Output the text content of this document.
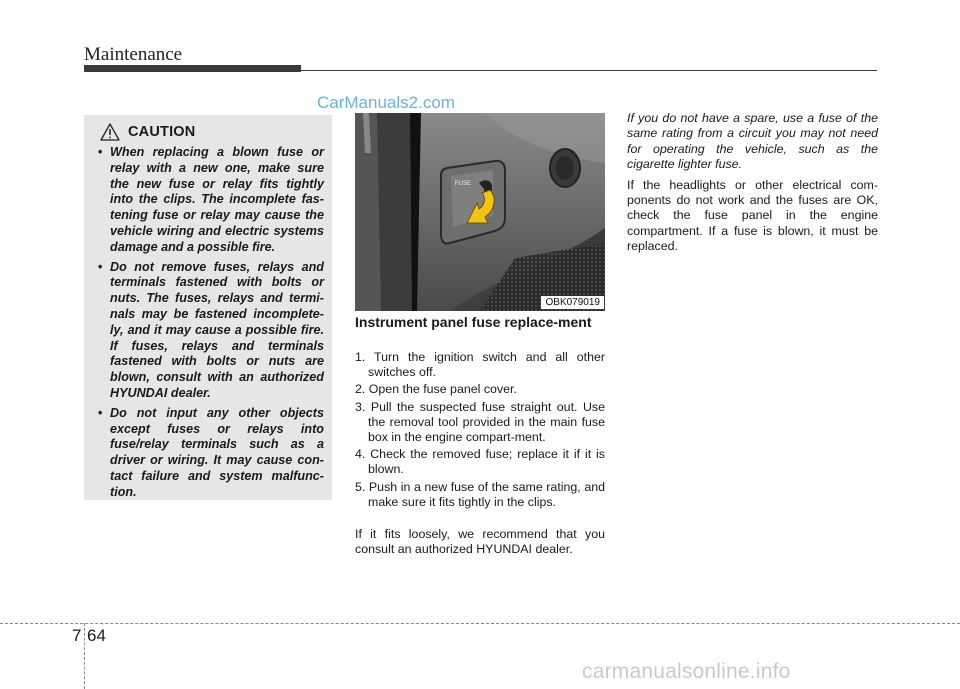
Maintenance
CarManuals2.com
CAUTION
• When replacing a blown fuse or relay with a new one, make sure the new fuse or relay fits tightly into the clips. The incomplete fas-tening fuse or relay may cause the vehicle wiring and electric systems damage and a possible fire.
• Do not remove fuses, relays and terminals fastened with bolts or nuts. The fuses, relays and termi-nals may be fastened incomplete-ly, and it may cause a possible fire. If fuses, relays and terminals fastened with bolts or nuts are blown, consult with an authorized HYUNDAI dealer.
• Do not input any other objects except fuses or relays into fuse/relay terminals such as a driver or wiring. It may cause con-tact failure and system malfunc-tion.
FUSE
OBK079019
Instrument panel fuse replace-ment
1. Turn the ignition switch and all other switches off.
2. Open the fuse panel cover.
3. Pull the suspected fuse straight out. Use the removal tool provided in the main fuse box in the engine compart-ment.
4. Check the removed fuse; replace it if it is blown.
5. Push in a new fuse of the same rating, and make sure it fits tightly in the clips.
If it fits loosely, we recommend that you consult an authorized HYUNDAI dealer.

If you do not have a spare, use a fuse of the same rating from a circuit you may not need for operating the vehicle, such as the cigarette lighter fuse.

If the headlights or other electrical com-ponents do not work and the fuses are OK, check the fuse panel in the engine compartment. If a fuse is blown, it must be replaced.

7 64
carmanualsonline.info
